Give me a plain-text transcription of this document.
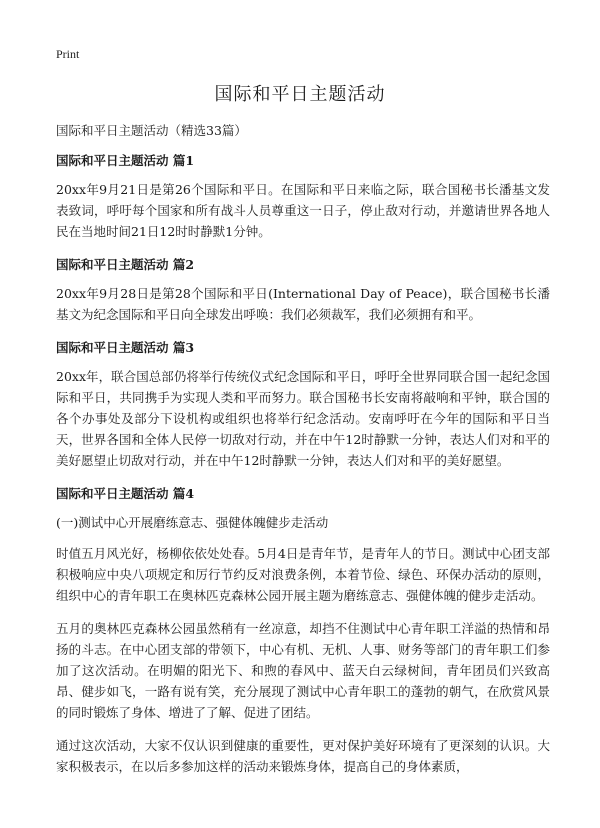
Print
国际和平日主题活动

国际和平日主题活动（精选33篇）

国际和平日主题活动 篇1

20xx年9月21日是第26个国际和平日。在国际和平日来临之际，联合国秘书长潘基文发表致词，呼吁每个国家和所有战斗人员尊重这一日子，停止敌对行动，并邀请世界各地人民在当地时间21日12时时静默1分钟。

国际和平日主题活动 篇2

20xx年9月28日是第28个国际和平日(International Day of Peace)，联合国秘书长潘基文为纪念国际和平日向全球发出呼唤：我们必须裁军，我们必须拥有和平。

国际和平日主题活动 篇3

20xx年，联合国总部仍将举行传统仪式纪念国际和平日，呼吁全世界同联合国一起纪念国际和平日，共同携手为实现人类和平而努力。联合国秘书长安南将敲响和平钟，联合国的各个办事处及部分下设机构或组织也将举行纪念活动。安南呼吁在今年的国际和平日当天，世界各国和全体人民停一切敌对行动，并在中午12时静默一分钟，表达人们对和平的美好愿望止切敌对行动，并在中午12时静默一分钟，表达人们对和平的美好愿望。

国际和平日主题活动 篇4

(一)测试中心开展磨练意志、强健体魄健步走活动

时值五月风光好，杨柳依依处处春。5月4日是青年节，是青年人的节日。测试中心团支部积极响应中央八项规定和厉行节约反对浪费条例，本着节俭、绿色、环保办活动的原则，组织中心的青年职工在奥林匹克森林公园开展主题为磨练意志、强健体魄的健步走活动。

五月的奥林匹克森林公园虽然稍有一丝凉意，却挡不住测试中心青年职工洋溢的热情和昂扬的斗志。在中心团支部的带领下，中心有机、无机、人事、财务等部门的青年职工们参加了这次活动。在明媚的阳光下、和煦的春风中、蓝天白云绿树间，青年团员们兴致高昂、健步如飞，一路有说有笑，充分展现了测试中心青年职工的蓬勃的朝气，在欣赏风景的同时锻炼了身体、增进了了解、促进了团结。

通过这次活动，大家不仅认识到健康的重要性，更对保护美好环境有了更深刻的认识。大家积极表示，在以后多参加这样的活动来锻炼身体，提高自己的身体素质，
